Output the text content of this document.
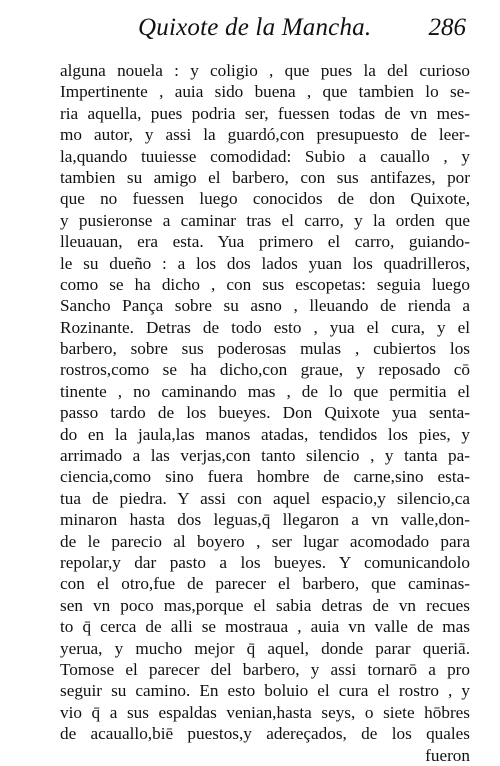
Quixote de la Mancha. 286
alguna nouela : y coligio , que pues la del curioso
Impertinente , auia sido buena , que tambien lo se-
ria aquella, pues podria ser, fuessen todas de vn mes-
mo autor, y assi la guardó,con presupuesto de leer-
la,quando tuuiesse comodidad: Subio a cauallo , y
tambien su amigo el barbero, con sus antifazes, por
que no fuessen luego conocidos de don Quixote,
y pusieronse a caminar tras el carro, y la orden que
lleuauan, era esta. Yua primero el carro, guiando-
le su dueño : a los dos lados yuan los quadrilleros,
como se ha dicho , con sus escopetas: seguia luego
Sancho Pança sobre su asno , lleuando de rienda a
Rozinante. Detras de todo esto , yua el cura, y el
barbero, sobre sus poderosas mulas , cubiertos los
rostros,como se ha dicho,con graue, y reposado cō
tinente , no caminando mas , de lo que permitia el
passo tardo de los bueyes. Don Quixote yua senta-
do en la jaula,las manos atadas, tendidos los pies, y
arrimado a las verjas,con tanto silencio , y tanta pa-
ciencia,como sino fuera hombre de carne,sino esta-
tua de piedra. Y assi con aquel espacio,y silencio,ca
minaron hasta dos leguas,q̄ llegaron a vn valle,don-
de le parecio al boyero , ser lugar acomodado para
repolar,y dar pasto a los bueyes. Y comunicandolo
con el otro,fue de parecer el barbero, que caminas-
sen vn poco mas,porque el sabia detras de vn recues
to q̄ cerca de alli se mostraua , auia vn valle de mas
yerua, y mucho mejor q̄ aquel, donde parar queriā.
Tomose el parecer del barbero, y assi tornarō a pro
seguir su camino. En esto boluio el cura el rostro , y
vio q̄ a sus espaldas venian,hasta seys, o siete hōbres
de acauallo,biē puestos,y adereçados, de los quales
fueron
